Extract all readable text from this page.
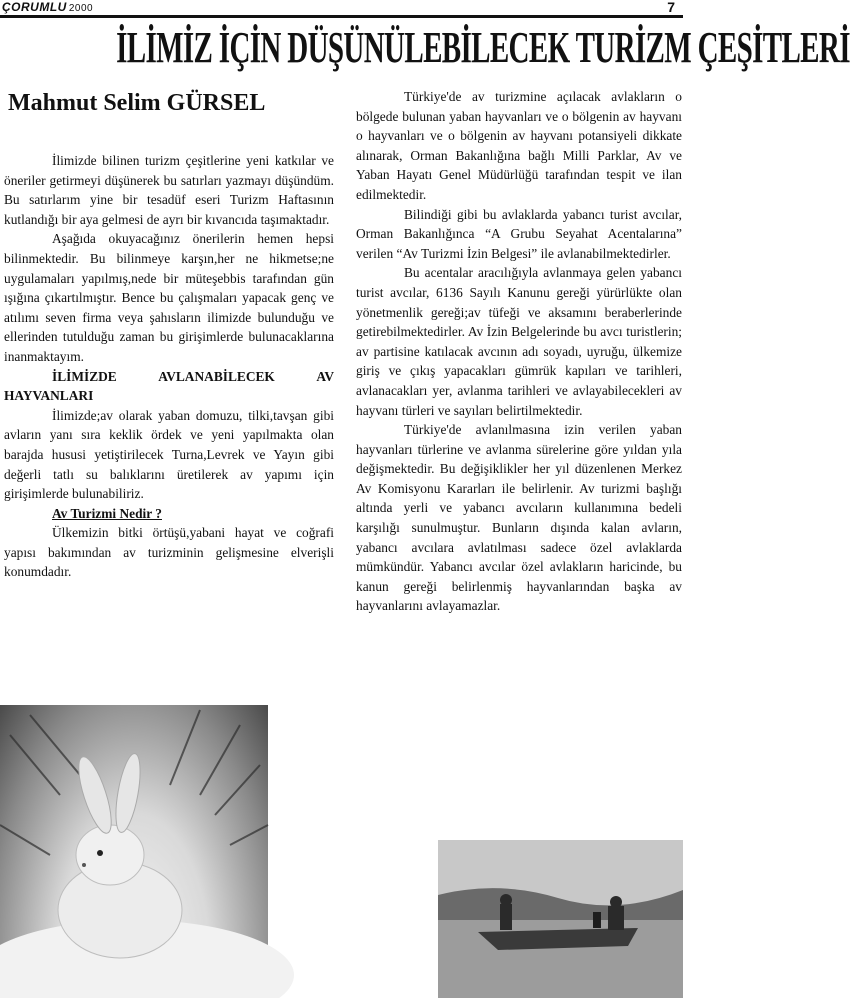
ÇORUMLU 2000	7
İLİMİZ İÇİN DÜŞÜNÜLEBİLECEK TURİZM ÇEŞİTLERİ
Mahmut Selim GÜRSEL

İlimizde bilinen turizm çeşitlerine yeni katkılar ve öneriler getirmeyi düşünerek bu satırları yazmayı düşündüm. Bu satırlarım yine bir tesadüf eseri Turizm Haftasının kutlandığı bir aya gelmesi de ayrı bir kıvancıda taşımaktadır.

Aşağıda okuyacağınız önerilerin hemen hepsi bilinmektedir. Bu bilinmeye karşın,her ne hikmetse;ne uygulamaları yapılmış,nede bir müteşebbis tarafından gün ışığına çıkartılmıştır. Bence bu çalışmaları yapacak genç ve atılımı seven firma veya şahısların ilimizde bulunduğu ve ellerinden tutulduğu zaman bu girişimlerde bulunacaklarına inanmaktayım.

İLİMİZDE AVLANABİLECEK AV HAYVANLARI

İlimizde;av olarak yaban domuzu, tilki,tavşan gibi avların yanı sıra keklik ördek ve yeni yapılmakta olan barajda hususi yetiştirilecek Turna,Levrek ve Yayın gibi değerli tatlı su balıklarını üretilerek av yapımı için girişimlerde bulunabiliriz.

Av Turizmi Nedir ?

Ülkemizin bitki örtüşü,yabani hayat ve coğrafi yapısı bakımından av turizminin gelişmesine elverişli konumdadır.

Türkiye'de av turizmine açılacak avlakların o bölgede bulunan yaban hayvanları ve o bölgenin av hayvanı o hayvanları ve o bölgenin av hayvanı potansiyeli dikkate alınarak, Orman Bakanlığına bağlı Milli Parklar, Av ve Yaban Hayatı Genel Müdürlüğü tarafından tespit ve ilan edilmektedir.

Bilindiği gibi bu avlaklarda yabancı turist avcılar, Orman Bakanlığınca “A Grubu Seyahat Acentalarına” verilen “Av Turizmi İzin Belgesi” ile avlanabilmektedirler.

Bu acentalar aracılığıyla avlanmaya gelen yabancı turist avcılar, 6136 Sayılı Kanunu gereği yürürlükte olan yönetmenlik gereği;av tüfeği ve aksamını beraberlerinde getirebilmektedirler. Av İzin Belgelerinde bu avcı turistlerin; av partisine katılacak avcının adı soyadı, uyruğu, ülkemize giriş ve çıkış yapacakları gümrük kapıları ve tarihleri, avlanacakları yer, avlanma tarihleri ve avlayabilecekleri av hayvanı türleri ve sayıları belirtilmektedir.

Türkiye'de avlanılmasına izin verilen yaban hayvanları türlerine ve avlanma sürelerine göre yıldan yıla değişmektedir. Bu değişiklikler her yıl düzenlenen Merkez Av Komisyonu Kararları ile belirlenir. Av turizmi başlığı altında yerli ve yabancı avcıların kullanımına bedeli karşılığı sunulmuştur. Bunların dışında kalan avların, yabancı avcılara avlatılması sadece özel avlaklarda mümkündür. Yabancı avcılar özel avlakların haricinde, bu kanun gereği belirlenmiş hayvanlarından başka av hayvanlarını avlayamazlar.
